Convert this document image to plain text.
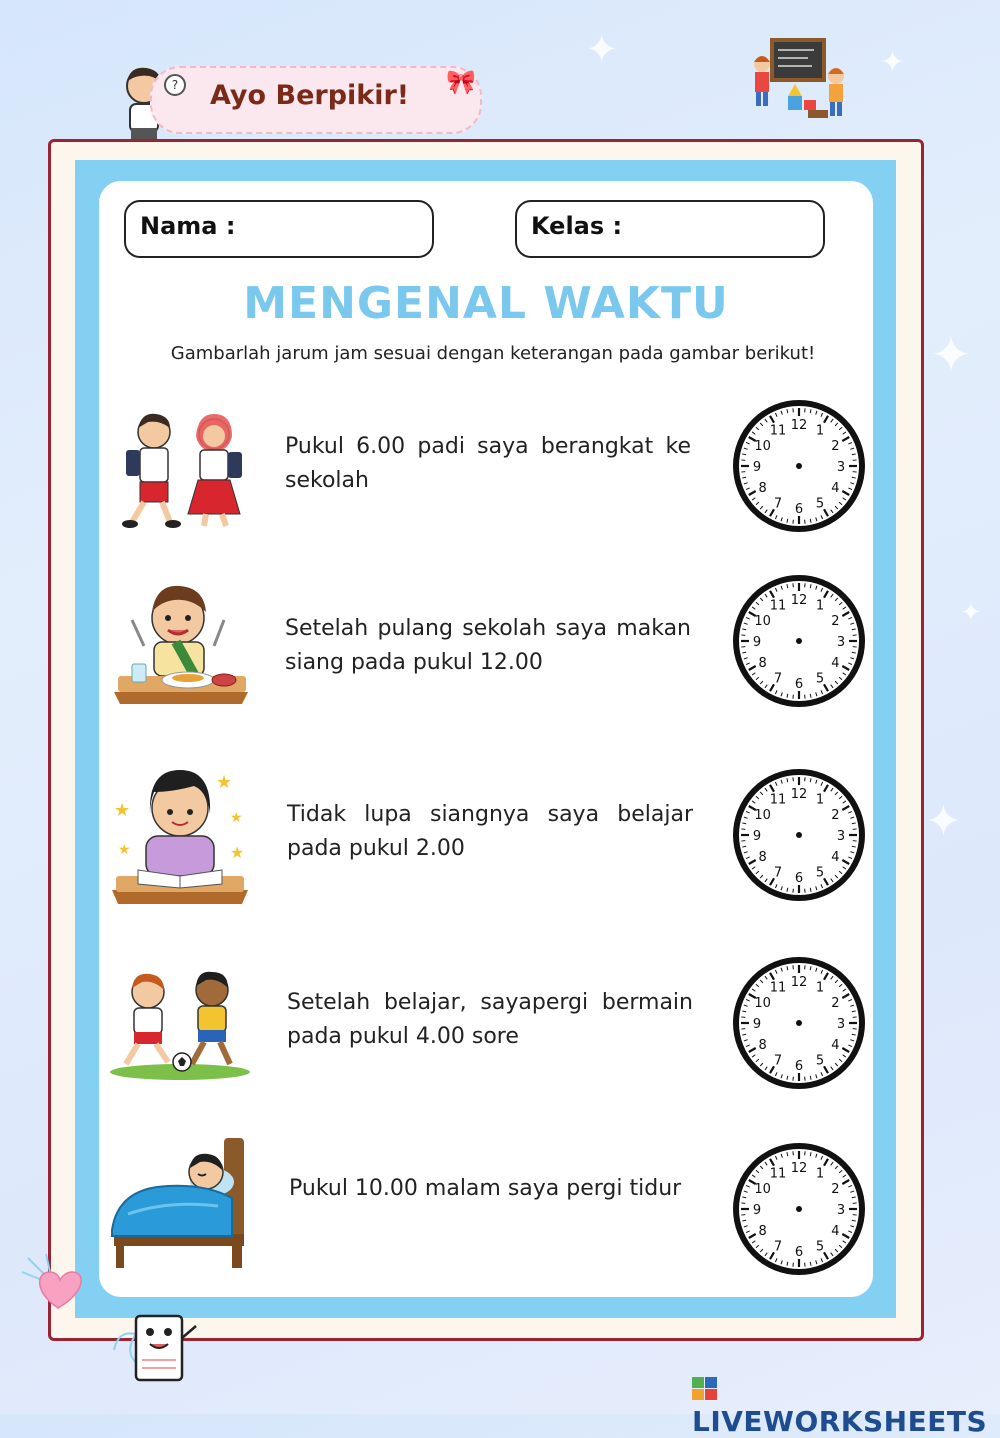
✦	✦
✦
✦
✦
Ayo Berpikir!
?	🎀
Nama :	Kelas :
MENGENAL WAKTU
Gambarlah jarum jam sesuai dengan keterangan pada gambar berikut!
Pukul 6.00 padi saya berangkat ke sekolah
Setelah pulang sekolah saya makan siang pada pukul 12.00
Tidak lupa siangnya saya belajar pada pukul 2.00
Setelah belajar, sayapergi bermain pada pukul 4.00 sore
Pukul 10.00 malam saya pergi tidur
★
★
★
★
★
12 1
2
3
4
5
6
7
8
9
10
11
12 1
2
3
4
5
6
7
8
9
10
11
12 1
2
3
4
5
6
7
8
9
10
11
12 1
2
3
4
5
6
7
8
9
10
11
12 1
2
3
4
5
6
7
8
9
10
11
LIVEWORKSHEETS
